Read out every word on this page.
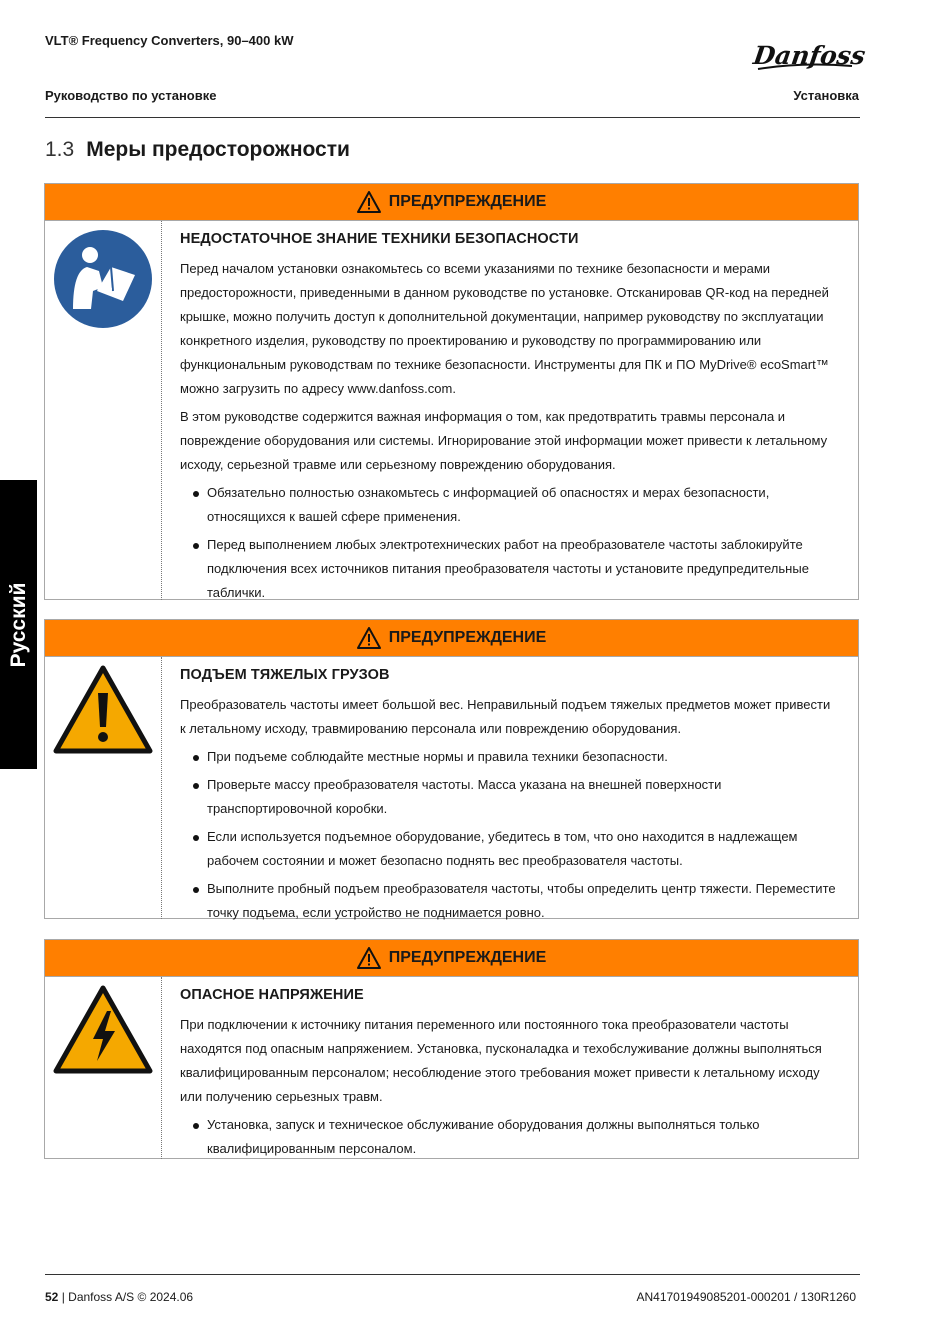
VLT® Frequency Converters, 90–400 kW	Danfoss
Руководство по установке	Установка
1.3 Меры предосторожности
Русский
ПРЕДУПРЕЖДЕНИЕ
НЕДОСТАТОЧНОЕ ЗНАНИЕ ТЕХНИКИ БЕЗОПАСНОСТИ

Перед началом установки ознакомьтесь со всеми указаниями по технике безопасности и мерами предосторожности, приведенными в данном руководстве по установке. Отсканировав QR-код на передней крышке, можно получить доступ к дополнительной документации, например руководству по эксплуатации конкретного изделия, руководству по проектированию и руководству по программированию или функциональным руководствам по технике безопасности. Инструменты для ПК и ПО MyDrive® ecoSmart™ можно загрузить по адресу www.danfoss.com.

В этом руководстве содержится важная информация о том, как предотвратить травмы персонала и повреждение оборудования или системы. Игнорирование этой информации может привести к летальному исходу, серьезной травме или серьезному повреждению оборудования.

Обязательно полностью ознакомьтесь с информацией об опасностях и мерах безопасности, относящихся к вашей сфере применения.
Перед выполнением любых электротехнических работ на преобразователе частоты заблокируйте подключения всех источников питания преобразователя частоты и установите предупредительные таблички.
ПРЕДУПРЕЖДЕНИЕ
ПОДЪЕМ ТЯЖЕЛЫХ ГРУЗОВ

Преобразователь частоты имеет большой вес. Неправильный подъем тяжелых предметов может привести к летальному исходу, травмированию персонала или повреждению оборудования.

При подъеме соблюдайте местные нормы и правила техники безопасности.
Проверьте массу преобразователя частоты. Масса указана на внешней поверхности транспортировочной коробки.
Если используется подъемное оборудование, убедитесь в том, что оно находится в надлежащем рабочем состоянии и может безопасно поднять вес преобразователя частоты.
Выполните пробный подъем преобразователя частоты, чтобы определить центр тяжести. Переместите точку подъема, если устройство не поднимается ровно.
ПРЕДУПРЕЖДЕНИЕ
ОПАСНОЕ НАПРЯЖЕНИЕ

При подключении к источнику питания переменного или постоянного тока преобразователи частоты находятся под опасным напряжением. Установка, пусконаладка и техобслуживание должны выполняться квалифицированным персоналом; несоблюдение этого требования может привести к летальному исходу или получению серьезных травм.

Установка, запуск и техническое обслуживание оборудования должны выполняться только квалифицированным персоналом.
52 | Danfoss A/S © 2024.06	AN41701949085201-000201 / 130R1260
